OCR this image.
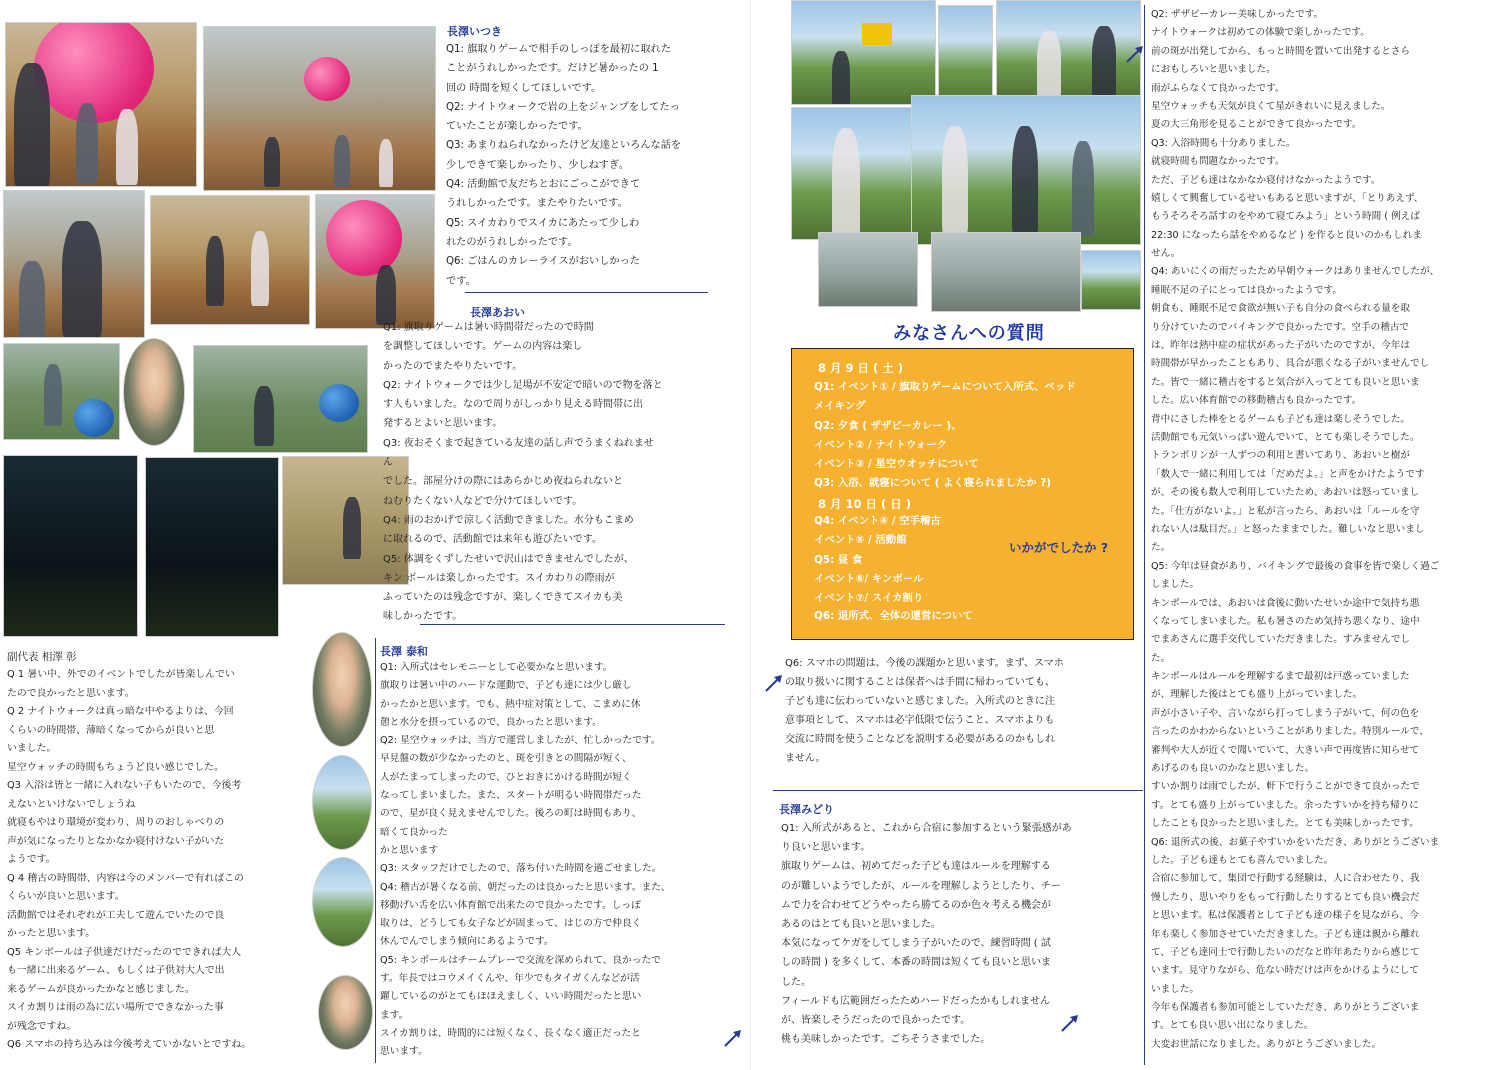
長澤いつき
Q1: 旗取りゲームで相手のしっぽを最初に取れた
ことがうれしかったです。だけど暑かったの 1
回の 時間を短くしてほしいです。
Q2: ナイトウォークで岩の上をジャンプをしてたっ
ていたことが楽しかったです。
Q3: あまりねられなかったけど友達といろんな話を
少しできて楽しかったり、少しねすぎ。
Q4: 活動館で友だちとおにごっこができて
うれしかったです。またやりたいです。
Q5: スイカわりでスイカにあたって少しわ
れたのがうれしかったです。
Q6: ごはんのカレーライスがおいしかった
です。
長澤あおい
Q1: 旗取りゲームは暑い時間帯だったので時間
を調整してほしいです。ゲームの内容は楽し
かったのでまたやりたいです。
Q2: ナイトウォークでは少し足場が不安定で暗いので物を落と
す人もいました。なので周りがしっかり見える時間帯に出
発するとよいと思います。
Q3: 夜おそくまで起きている友達の話し声でうまくねれませ
ん
でした。部屋分けの際にはあらかじめ夜ねられないと
ねむりたくない人などで分けてほしいです。
Q4: 雨のおかげで涼しく活動できました。水分もこまめ
に取れるので、活動館では来年も遊びたいです。
Q5: 体調をくずしたせいで沢山はできませんでしたが、
キン ボールは楽しかったです。スイカわりの際雨が
ふっていたのは残念ですが、楽しくできてスイカも美
味しかったです。
副代表 相澤 彰
Q 1 暑い中、外でのイベントでしたが皆楽しんでい
たので良かったと思います。
Q 2 ナイトウォークは真っ暗な中やるよりは、今回
くらいの時間帯、薄暗くなってからが良いと思
いました。
星空ウォッチの時間もちょうど良い感じでした。
Q3 入浴は皆と一緒に入れない子もいたので、今後考
えないといけないでしょうね
就寝もやはり環境が変わり、周りのおしゃべりの
声が気になったりとなかなか寝付けない子がいた
ようです。
Q 4 稽古の時間帯、内容は今のメンバーで有ればこの
くらいが良いと思います。
活動館ではそれぞれが工夫して遊んでいたので良
かったと思います。
Q5 キンボールは子供達だけだったのでできれば大人
も一緒に出来るゲーム、もしくは子供対大人で出
来るゲームが良かったかなと感じました。
スイカ割りは雨の為に広い場所でできなかった事
が残念ですね。
Q6 スマホの持ち込みは今後考えていかないとですね。
長澤 泰和
Q1: 入所式はセレモニーとして必要かなと思います。
旗取りは暑い中のハードな運動で、子ども達には少し厳し
かったかと思います。でも、熱中症対策として、こまめに休
憩と水分を摂っているので、良かったと思います。
Q2: 星空ウォッチは、当方で運営しましたが、忙しかったです。
早見盤の数が少なかったのと、斑を引きとの間隔が短く、
人がたまってしまったので、ひとおきにかける時間が短く
なってしまいました。また、スタートが明るい時間帯だった
ので、星が良く見えませんでした。後ろの町は時間もあり、
暗くて良かった
かと思います
Q3: スタッフだけでしたので、落ち付いた時間を過ごせました。
Q4: 稽古が暑くなる前、朝だったのは良かったと思います。また、
移動げい舌を広い体育館で出来たので良かったです。しっぽ
取りは、どうしても女子などが固まって、はじの方で仲良く
休んでんでしまう傾向にあるようです。
Q5: キンボールはチームプレーで交流を深められて、良かったで
す。年長ではコウメイくんや、年少でもタイガくんなどが活
躍しているのがとてもほほえましく、いい時間だったと思い
ます。
スイカ割りは、時間的には短くなく、長くなく適正だったと
思います。
みなさんへの質問
8 月 9 日 ( 土 )
Q1: イベント① / 旗取りゲームについて入所式、ベッド
メイキング
Q2: 夕食 ( ザザビーカレー )、
イベント② / ナイトウォーク
イベント③ / 星空ウオッチについて
Q3: 入浴、就寝について ( よく寝られましたか ?)
8 月 10 日 ( 日 )
Q4: イベント④ / 空手稽古
イベント⑤ / 活動館
Q5: 昼 食
イベント⑥/ キンボール
イベント⑦/ スイカ割り
Q6: 退所式、全体の運営について
いかがでしたか ?
Q6: スマホの問題は、今後の課題かと思います。まず、スマホ
の取り扱いに関することは保者へは手間に帰わっていても、
子ども達に伝わっていないと感じました。入所式のときに注
意事項として、スマホは必字低限で伝うこと、スマホよりも
交流に時間を使うことなどを説明する必要があるのかもしれ
ません。
長澤みどり
Q1: 入所式があると、これから合宿に参加するという緊張感があ
り良いと思います。
旗取りゲームは、初めてだった子ども達はルールを理解する
のが難しいようでしたが、ルールを理解しようとしたり、チー
ムで力を合わせてどうやったら勝てるのか色々考える機会が
あるのはとても良いと思いました。
本気になってケガをしてしまう子がいたので、練習時間 ( 試
しの時間 ) を多くして、本番の時間は短くても良いと思いま
した。
フィールドも広範囲だったためハードだったかもしれません
が、皆楽しそうだったので良かったです。
桃も美味しかったです。ごちそうさまでした。
Q2: ザザビーカレー美味しかったです。
ナイトウォークは初めての体験で楽しかったです。
前の斑が出発してから、もっと時間を置いて出発するとさら
におもしろいと思いました。
雨がふらなくて良かったです。
星空ウォッチも天気が良くて星がきれいに見えました。
夏の大三角形を見ることができて良かったです。
Q3: 入浴時間も十分ありました。
就寝時間も問題なかったです。
ただ、子ども達はなかなか寝付けなかったようです。
嬉しくて興奮しているせいもあると思いますが、「とりあえず、
もうそろそろ話すのをやめて寝てみよう」という時間 ( 例えば
22:30 になったら話をやめるなど ) を作ると良いのかもしれま
せん。
Q4: あいにくの雨だったため早朝ウォークはありませんでしたが、
睡眠不足の子にとっては良かったようです。
朝食も、睡眠不足で食欲が無い子も自分の食べられる量を取
り分けていたのでバイキングで良かったです。空手の稽古で
は、昨年は熱中症の症状があった子がいたのですが、今年は
時間帯が早かったこともあり、具合が悪くなる子がいませんでし
た。皆で一緒に稽古をすると気合が入ってとても良いと思いま
した。広い体育館での移動稽古も良かったです。
背中にさした棒をとるゲームも子ども達は楽しそうでした。
活動館でも元気いっぱい遊んでいて、とても楽しそうでした。
トランポリンが一人ずつの利用と書いてあり、あおいと樹が
「数人で一緒に利用しては「だめだよ。」と声をかけたようです
が、その後も数人で利用していたため、あおいは怒っていまし
た。「仕方がないよ。」と私が言ったら、あおいは「ルールを守
れない人は駄目だ。」と怒ったままでした。難しいなと思いまし
た。
Q5: 今年は昼食があり、バイキングで最後の食事を皆で楽しく過ご
しました。
キンボールでは、あおいは食後に動いたせいか途中で気持ち悪
くなってしまいました。私も暑さのため気持ち悪くなり、途中
でまあさんに選手交代していただきました。すみませんでし
た。
キンボールはルールを理解するまで最初は戸惑っていました
が、理解した後はとても盛り上がっていました。
声が小さい子や、言いながら打ってしまう子がいて、何の色を
言ったのかわからないということがありました。特別ルールで、
審判や大人が近くで聞いていて、大きい声で再度皆に知らせて
あげるのも良いのかなと思いました。
すいか割りは雨でしたが、軒下で行うことができて良かったで
す。とても盛り上がっていました。余ったすいかを持ち帰りに
したことも良かったと思いました。とても美味しかったです。
Q6: 退所式の後、お菓子やすいかをいただき、ありがとうございま
した。子ども達もとても喜んでいました。
合宿に参加して、集団で行動する経験は、人に合わせたり、我
慢したり、思いやりをもって行動したりするとても良い機会だ
と思います。私は保護者として子ども達の様子を見ながら、今
年も楽しく参加させていただきました。子ども達は親から離れ
て、子ども達同士で行動したいのだなと昨年あたりから感じて
います。見守りながら、危ない時だけは声をかけるようにして
いました。
今年も保護者も参加可能としていただき、ありがとうございま
す。とても良い思い出になりました。
大変お世話になりました。ありがとうございました。
